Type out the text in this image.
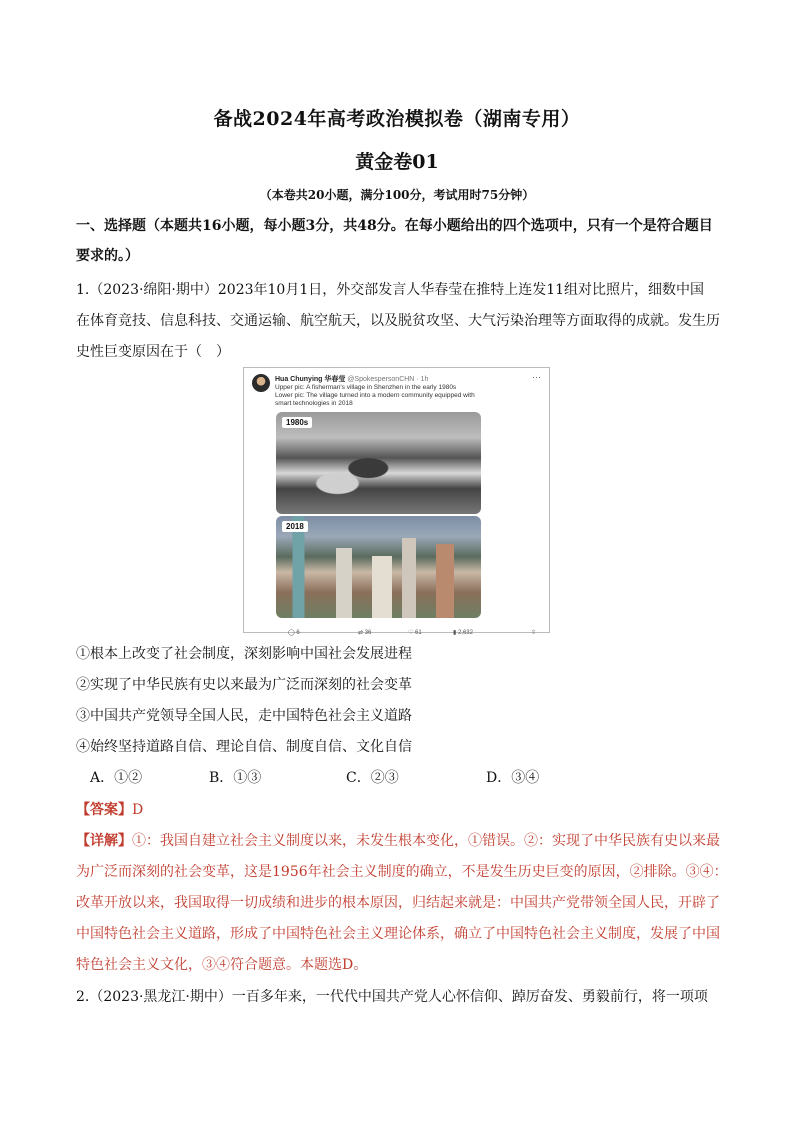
备战2024年高考政治模拟卷（湖南专用）
黄金卷01
（本卷共20小题，满分100分，考试用时75分钟）
一、选择题（本题共16小题，每小题3分，共48分。在每小题给出的四个选项中，只有一个是符合题目
要求的。）
1.（2023·绵阳·期中）2023年10月1日，外交部发言人华春莹在推特上连发11组对比照片，细数中国
在体育竞技、信息科技、交通运输、航空航天，以及脱贫攻坚、大气污染治理等方面取得的成就。发生历
史性巨变原因在于（　）
Hua Chunying 华春莹 @SpokespersonCHN · 1h	⋯
Upper pic: A fisherman's village in Shenzhen in the early 1980s
Lower pic: The village turned into a modern community equipped with
smart technologies in 2018
1980s
2018
◯ 6	⇄ 36	♡ 61	▮ 2,632	⇧
①根本上改变了社会制度，深刻影响中国社会发展进程
②实现了中华民族有史以来最为广泛而深刻的社会变革
③中国共产党领导全国人民，走中国特色社会主义道路
④始终坚持道路自信、理论自信、制度自信、文化自信
A．①②	B．①③	C．②③	D．③④
【答案】D
【详解】①：我国自建立社会主义制度以来，未发生根本变化，①错误。②：实现了中华民族有史以来最
为广泛而深刻的社会变革，这是1956年社会主义制度的确立，不是发生历史巨变的原因，②排除。③④：
改革开放以来，我国取得一切成绩和进步的根本原因，归结起来就是：中国共产党带领全国人民，开辟了
中国特色社会主义道路，形成了中国特色社会主义理论体系，确立了中国特色社会主义制度，发展了中国
特色社会主义文化，③④符合题意。本题选D。
2.（2023·黑龙江·期中）一百多年来，一代代中国共产党人心怀信仰、踔厉奋发、勇毅前行，将一项项
